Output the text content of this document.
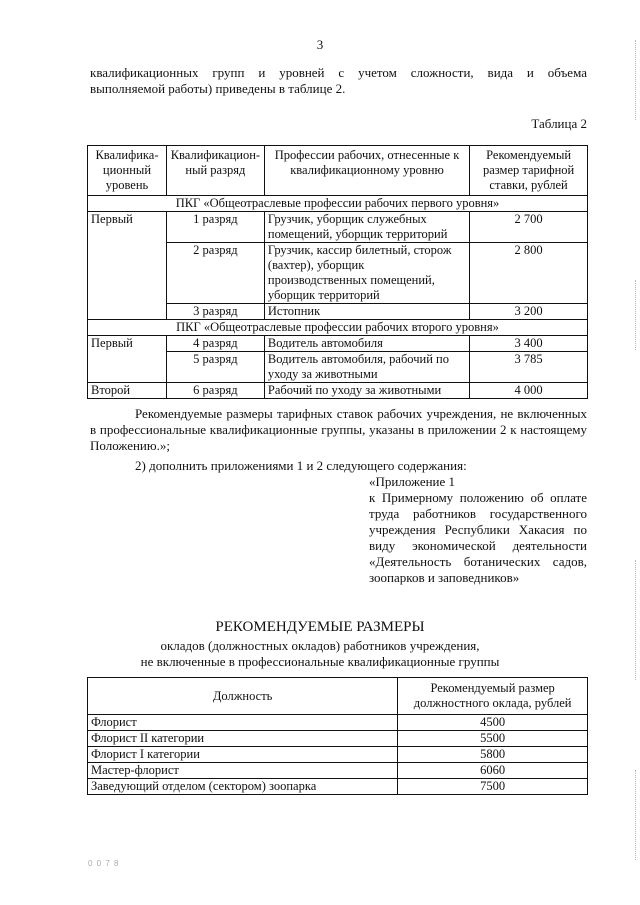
3

квалификационных групп и уровней с учетом сложности, вида и объема

выполняемой работы) приведены в таблице 2.

Таблица 2
Квалифика- ционный уровень	Квалификацион- ный разряд	Профессии рабочих, отнесенные к квалификационному уровню	Рекомендуемый размер тарифной ставки, рублей
ПКГ «Общеотраслевые профессии рабочих первого уровня»			
Первый	1 разряд	Грузчик, уборщик служебных помещений, уборщик территорий	2 700
	2 разряд	Грузчик, кассир билетный, сторож (вахтер), уборщик производственных помещений, уборщик территорий	2 800
	3 разряд	Истопник	3 200
ПКГ «Общеотраслевые профессии рабочих второго уровня»			
Первый	4 разряд	Водитель автомобиля	3 400
	5 разряд	Водитель автомобиля, рабочий по уходу за животными	3 785
Второй	6 разряд	Рабочий по уходу за животными	4 000

Рекомендуемые размеры тарифных ставок рабочих учреждения, не включенных в профессиональные квалификационные группы, указаны в приложении 2 к настоящему Положению.»;

2) дополнить приложениями 1 и 2 следующего содержания:

«Приложение 1

к Примерному положению об оплате

труда работников государственного

учреждения Республики Хакасия по

виду экономической деятельности

«Деятельность ботанических садов,

зоопарков и заповедников»

РЕКОМЕНДУЕМЫЕ РАЗМЕРЫ
окладов (должностных окладов) работников учреждения,
не включенные в профессиональные квалификационные группы
Должность	Рекомендуемый размер должностного оклада, рублей
Флорист	4500
Флорист II категории	5500
Флорист I категории	5800
Мастер-флорист	6060
Заведующий отделом (сектором) зоопарка	7500
0 0 7 8
